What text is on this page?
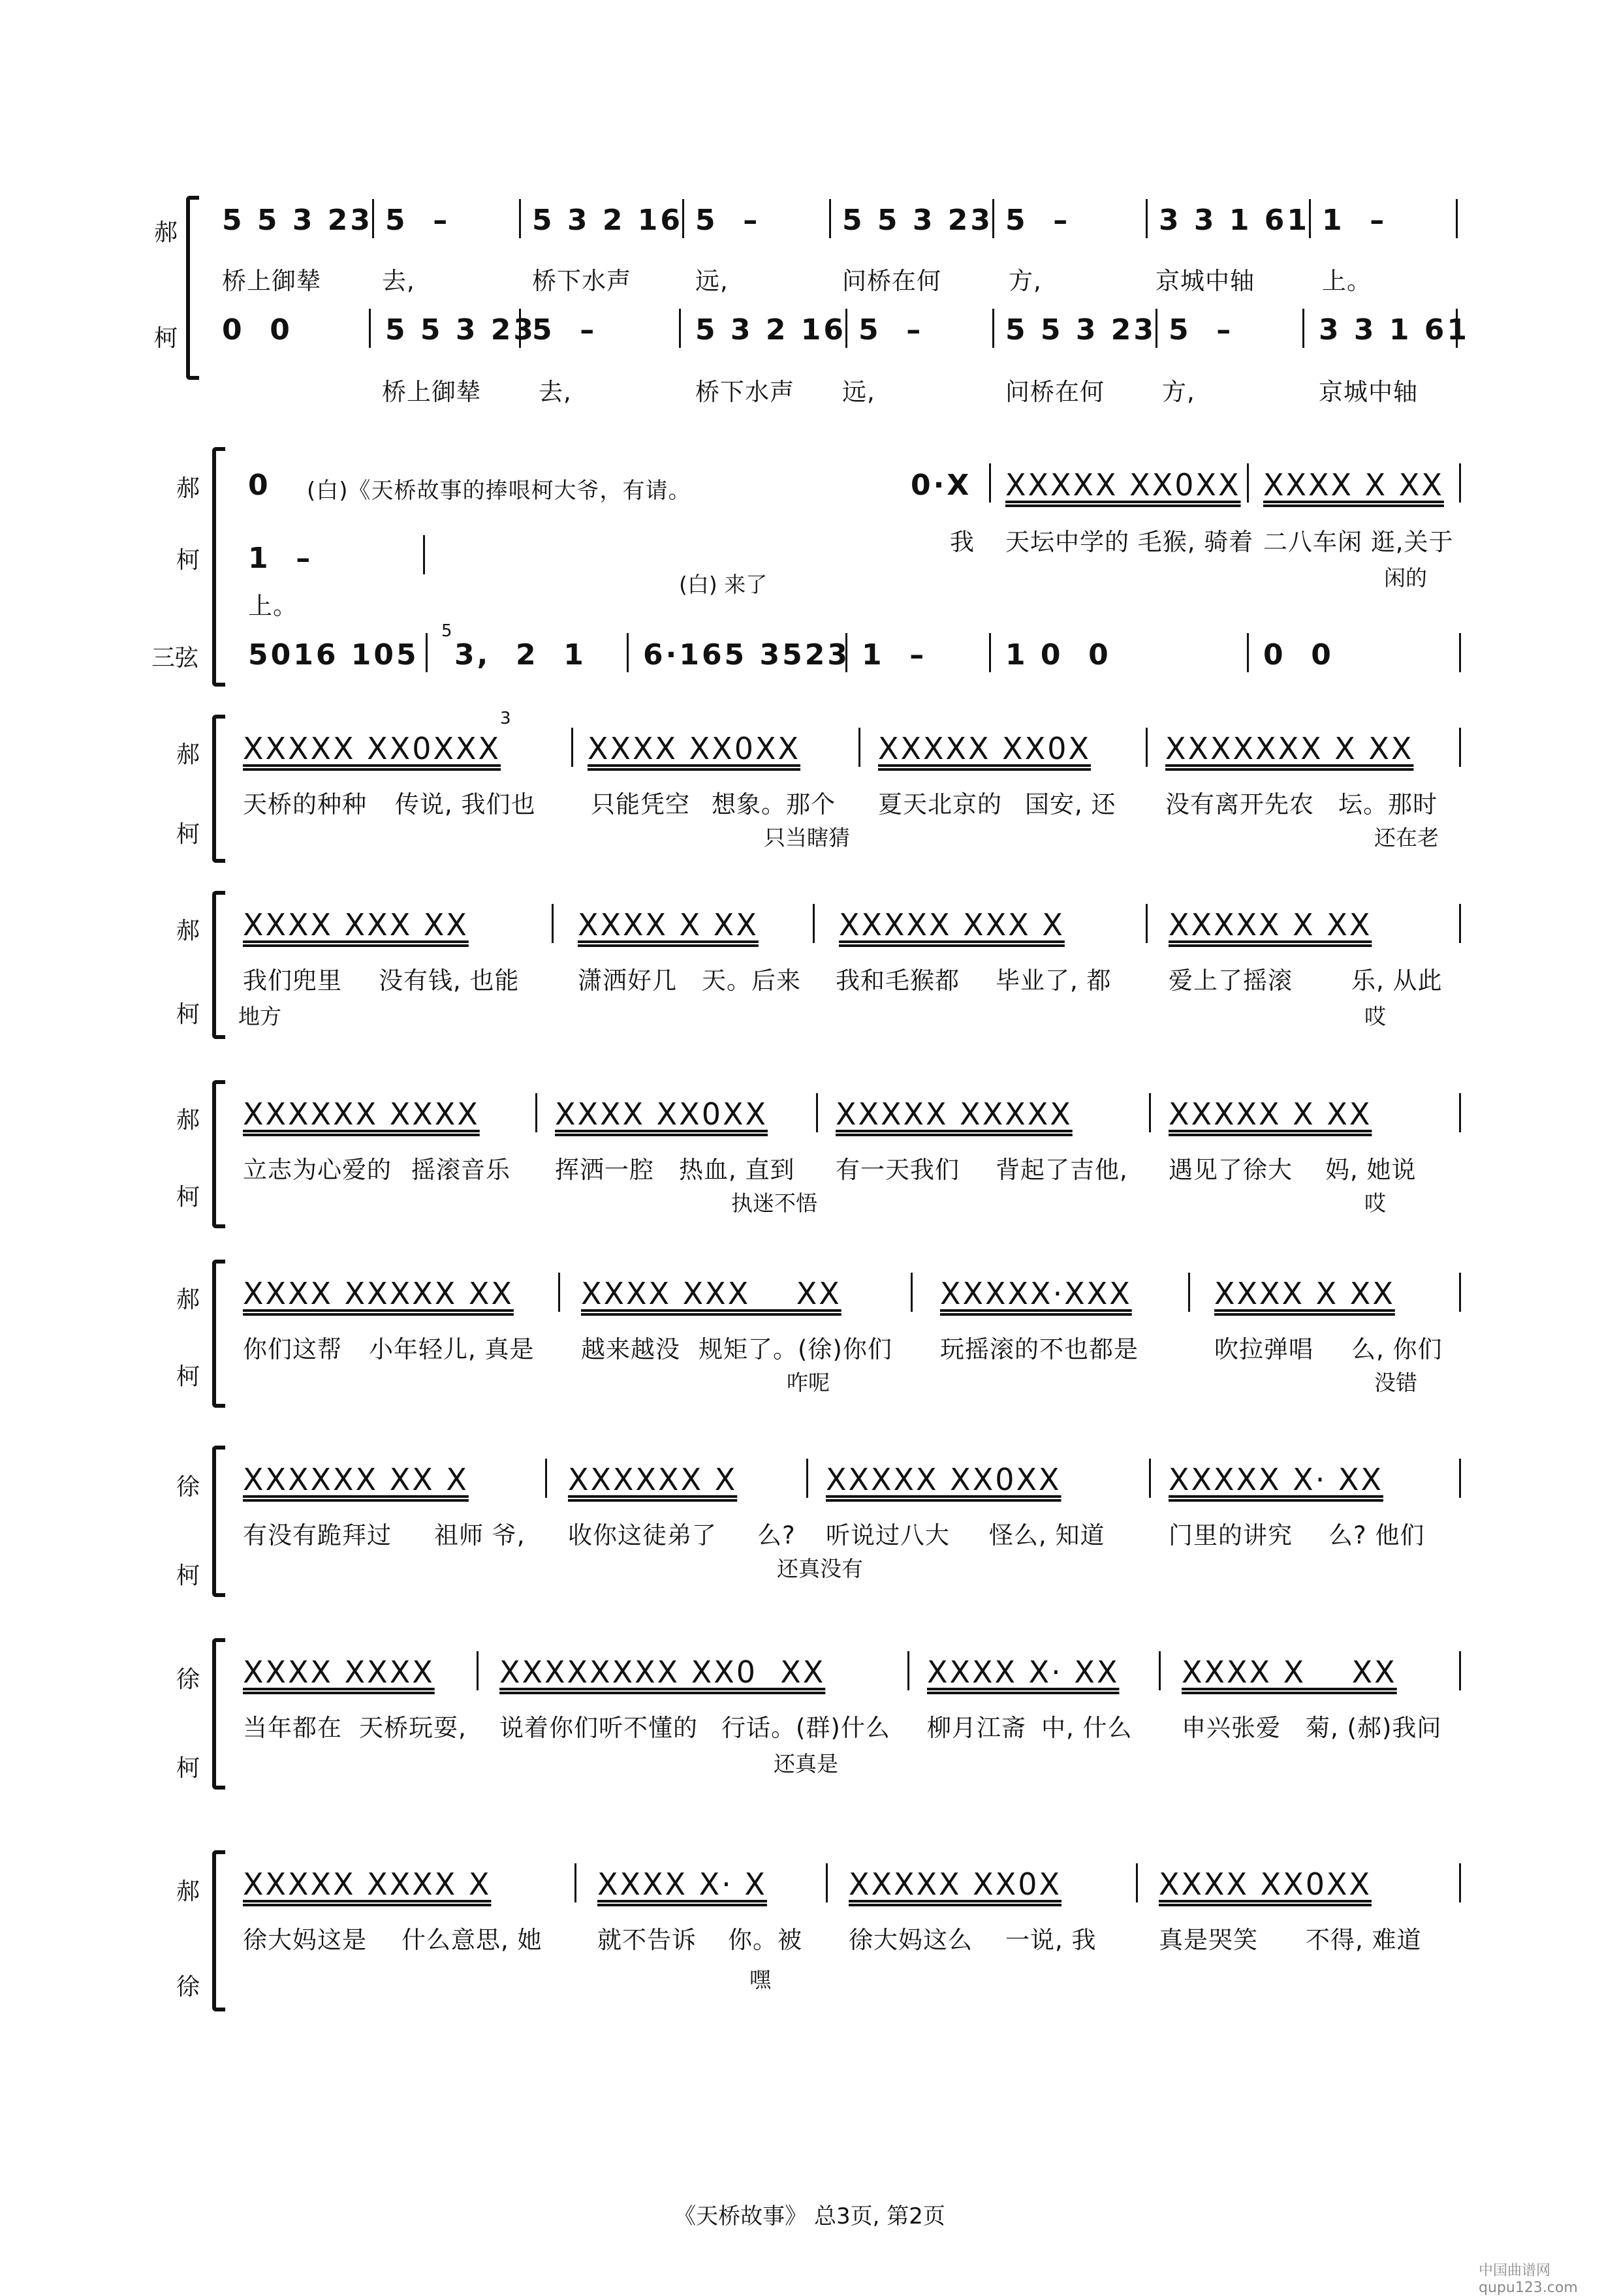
郝
柯
5 5 3 23 5  –	5 3 2 16 5  –	5 5 3 23 5  –	3 3 1 61 1  –
桥上御辇	去,	桥下水声	远,	问桥在何	方,	京城中轴	上。
0  0	5 5 3 23
5  –	5 3 2 16 5  –	5 5 3 23 5  –	3 3 1 61
桥上御辇 去,	桥下水声 远,	问桥在何 方,	京城中轴
郝
柯
三弦
0 (白)《天桥故事的捧哏柯大爷，有请。	0·X XXXXX XX0XX XXXX X XX
我 天坛中学的 毛猴, 骑着 二八车闲 逛,关于
闲的
1  –
上。
(白) 来了
5016 105
5
3,  2  1 6·165 3523 1  –	1 0  0	0  0
郝
柯
XXXXX XX0XXX
3
XXXX XX0XX	XXXXX XX0X XXXXXXX X XX
天桥的种种 传说, 我们也 只能凭空 想象。那个 夏天北京的 国安, 还 没有离开先农 坛。那时
只当瞎猜	还在老
郝
柯
XXXX XXX XX	XXXX X XX	XXXXX XXX X	XXXXX X XX
我们兜里 没有钱, 也能 潇洒好几 天。后来 我和毛猴都 毕业了, 都 爱上了摇滚 乐, 从此
地方	哎
郝
柯
XXXXXX XXXX	XXXX XX0XX XXXXX XXXXX	XXXXX X XX
立志为心爱的 摇滚音乐 挥洒一腔 热血, 直到 有一天我们 背起了吉他, 遇见了徐大 妈, 她说
执迷不悟	哎
郝
柯
XXXX XXXXX XX XXXX XXX    XX	XXXXX·XXX	XXXX X XX
你们这帮 小年轻儿, 真是 越来越没 规矩了。(徐)你们 玩摇滚的不也都是	吹拉弹唱 么, 你们
咋呢	没错
徐
柯
XXXXXX XX X	XXXXXX X	XXXXX XX0XX	XXXXX X· XX
有没有跪拜过 祖师 爷, 收你这徒弟了 么? 听说过八大 怪么, 知道	门里的讲究 么? 他们
还真没有
徐
柯
XXXX XXXX XXXXXXXX XX0  XX	XXXX X· XX XXXX X    XX
当年都在 天桥玩耍, 说着你们听不懂的 行话。(群)什么 柳月江斋 中, 什么 申兴张爱 菊, (郝)我问
还真是
郝
徐
XXXXX XXXX X	XXXX X· X	XXXXX XX0X	XXXX XX0XX
徐大妈这是 什么意思, 她 就不告诉 你。被 徐大妈这么 一说, 我	真是哭笑 不得, 难道
嘿
《天桥故事》 总3页, 第2页
中国曲谱网 qupu123.com
